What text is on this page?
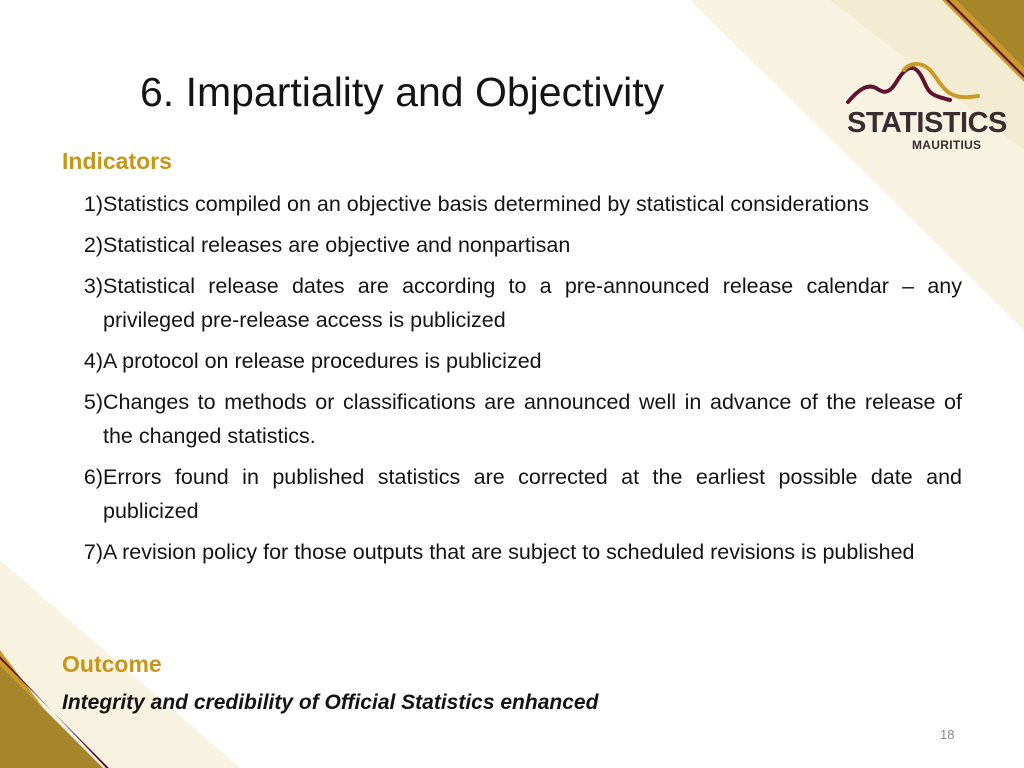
6. Impartiality and Objectivity
STATISTICS
MAURITIUS
Indicators
1) Statistics compiled on an objective basis determined by statistical considerations
2) Statistical releases are objective and nonpartisan
3) Statistical release dates are according to a pre-announced release calendar – any privileged pre-release access is publicized
4) A protocol on release procedures is publicized
5) Changes to methods or classifications are announced well in advance of the release of the changed statistics.
6) Errors found in published statistics are corrected at the earliest possible date and publicized
7) A revision policy for those outputs that are subject to scheduled revisions is published
Outcome

Integrity and credibility of Official Statistics enhanced

18
